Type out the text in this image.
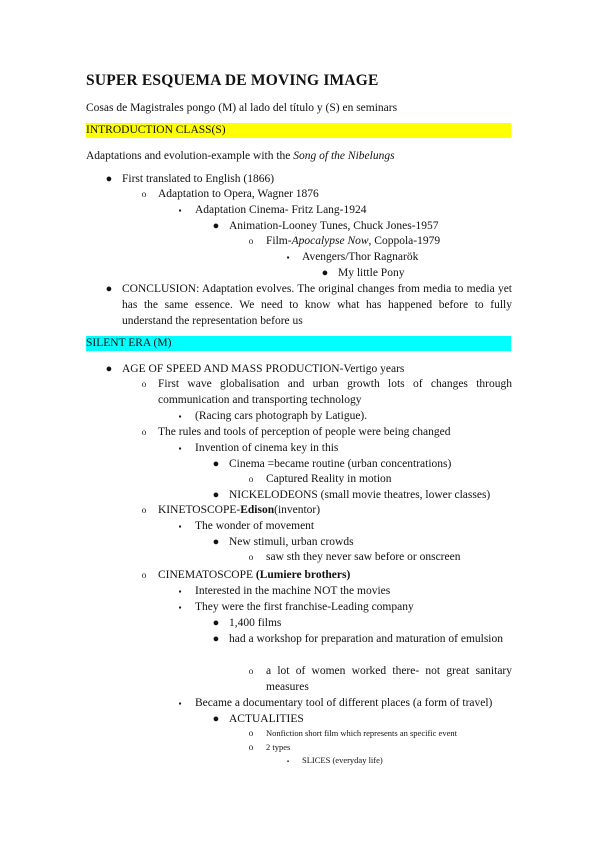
SUPER ESQUEMA DE MOVING IMAGE
Cosas de Magistrales pongo (M) al lado del título y (S) en seminars
INTRODUCTION CLASS(S)
Adaptations and evolution-example with the Song of the Nibelungs
● First translated to English (1866)
o Adaptation to Opera, Wagner 1876
▪	Adaptation Cinema- Fritz Lang-1924
● Animation-Looney Tunes, Chuck Jones-1957
o Film-Apocalypse Now, Coppola-1979
▪	Avengers/Thor Ragnarök
● My little Pony
● CONCLUSION: Adaptation evolves. The original changes from media to media yet has the same essence. We need to know what has happened before to fully understand the representation before us
SILENT ERA (M)
● AGE OF SPEED AND MASS PRODUCTION-Vertigo years
o First wave globalisation and urban growth lots of changes through communication and transporting technology
▪	(Racing cars photograph by Latigue).
o The rules and tools of perception of people were being changed
▪	Invention of cinema key in this
● Cinema =became routine (urban concentrations)
o Captured Reality in motion
● NICKELODEONS (small movie theatres, lower classes)
o KINETOSCOPE-Edison(inventor)
▪	The wonder of movement
● New stimuli, urban crowds
o saw sth they never saw before or onscreen
o CINEMATOSCOPE (Lumiere brothers)
▪	Interested in the machine NOT the movies
▪	They were the first franchise-Leading company
● 1,400 films
● had a workshop for preparation and maturation of emulsion
o a lot of women worked there- not great sanitary measures
▪	Became a documentary tool of different places (a form of travel)
● ACTUALITIES
o	Nonfiction short film which represents an specific event
o	2 types
▪	SLICES (everyday life)
